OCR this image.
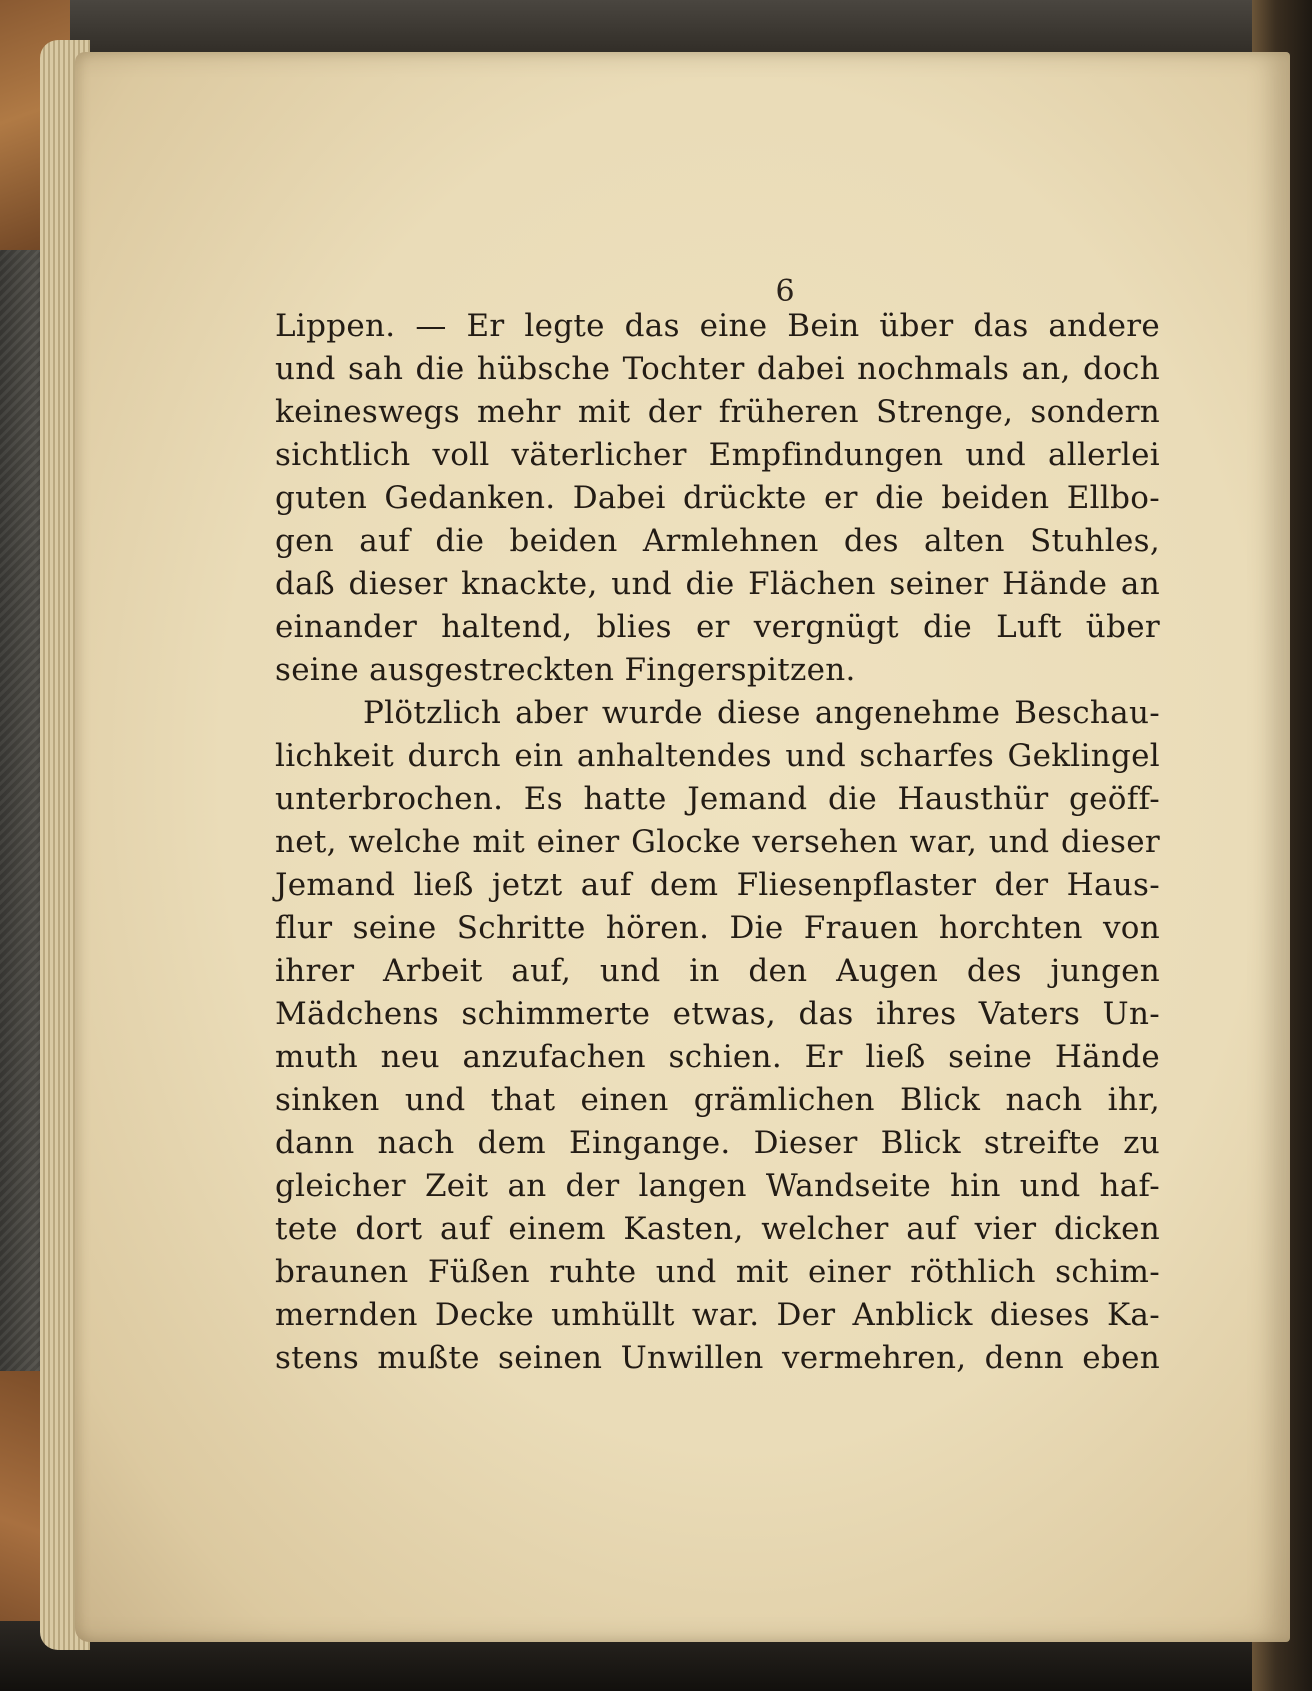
6

Lippen. — Er legte das eine Bein über das andere
und sah die hübsche Tochter dabei nochmals an, doch
keineswegs mehr mit der früheren Strenge, sondern
sichtlich voll väterlicher Empfindungen und allerlei
guten Gedanken. Dabei drückte er die beiden Ellbo-
gen auf die beiden Armlehnen des alten Stuhles,
daß dieser knackte, und die Flächen seiner Hände an
einander haltend, blies er vergnügt die Luft über
seine ausgestreckten Fingerspitzen.
Plötzlich aber wurde diese angenehme Beschau-
lichkeit durch ein anhaltendes und scharfes Geklingel
unterbrochen. Es hatte Jemand die Hausthür geöff-
net, welche mit einer Glocke versehen war, und dieser
Jemand ließ jetzt auf dem Fliesenpflaster der Haus-
flur seine Schritte hören. Die Frauen horchten von
ihrer Arbeit auf, und in den Augen des jungen
Mädchens schimmerte etwas, das ihres Vaters Un-
muth neu anzufachen schien. Er ließ seine Hände
sinken und that einen grämlichen Blick nach ihr,
dann nach dem Eingange. Dieser Blick streifte zu
gleicher Zeit an der langen Wandseite hin und haf-
tete dort auf einem Kasten, welcher auf vier dicken
braunen Füßen ruhte und mit einer röthlich schim-
mernden Decke umhüllt war. Der Anblick dieses Ka-
stens mußte seinen Unwillen vermehren, denn eben
